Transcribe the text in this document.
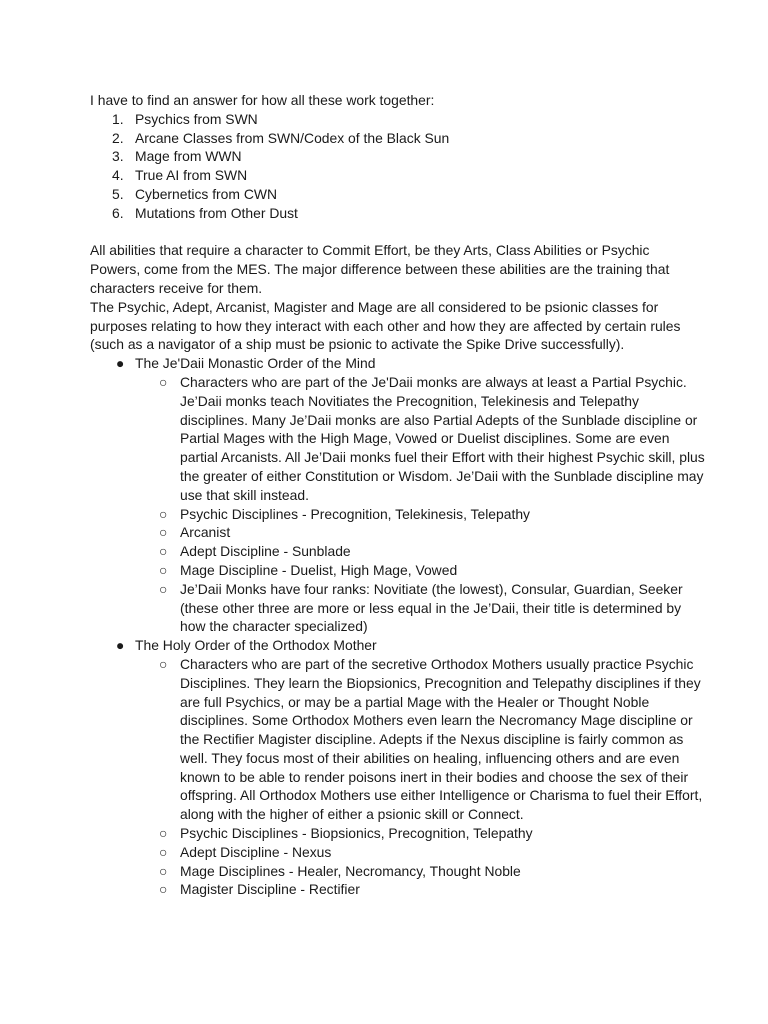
I have to find an answer for how all these work together:

1. Psychics from SWN
2. Arcane Classes from SWN/Codex of the Black Sun
3. Mage from WWN
4. True AI from SWN
5. Cybernetics from CWN
6. Mutations from Other Dust

All abilities that require a character to Commit Effort, be they Arts, Class Abilities or Psychic Powers, come from the MES. The major difference between these abilities are the training that characters receive for them.

The Psychic, Adept, Arcanist, Magister and Mage are all considered to be psionic classes for purposes relating to how they interact with each other and how they are affected by certain rules (such as a navigator of a ship must be psionic to activate the Spike Drive successfully).

● The Je'Daii Monastic Order of the Mind
○ Characters who are part of the Je'Daii monks are always at least a Partial Psychic. Je’Daii monks teach Novitiates the Precognition, Telekinesis and Telepathy disciplines. Many Je’Daii monks are also Partial Adepts of the Sunblade discipline or Partial Mages with the High Mage, Vowed or Duelist disciplines. Some are even partial Arcanists. All Je’Daii monks fuel their Effort with their highest Psychic skill, plus the greater of either Constitution or Wisdom. Je’Daii with the Sunblade discipline may use that skill instead.
○ Psychic Disciplines - Precognition, Telekinesis, Telepathy
○ Arcanist
○ Adept Discipline - Sunblade
○ Mage Discipline - Duelist, High Mage, Vowed
○ Je’Daii Monks have four ranks: Novitiate (the lowest), Consular, Guardian, Seeker (these other three are more or less equal in the Je’Daii, their title is determined by how the character specialized)
● The Holy Order of the Orthodox Mother
○ Characters who are part of the secretive Orthodox Mothers usually practice Psychic Disciplines. They learn the Biopsionics, Precognition and Telepathy disciplines if they are full Psychics, or may be a partial Mage with the Healer or Thought Noble disciplines. Some Orthodox Mothers even learn the Necromancy Mage discipline or the Rectifier Magister discipline. Adepts if the Nexus discipline is fairly common as well. They focus most of their abilities on healing, influencing others and are even known to be able to render poisons inert in their bodies and choose the sex of their offspring. All Orthodox Mothers use either Intelligence or Charisma to fuel their Effort, along with the higher of either a psionic skill or Connect.
○ Psychic Disciplines - Biopsionics, Precognition, Telepathy
○ Adept Discipline - Nexus
○ Mage Disciplines - Healer, Necromancy, Thought Noble
○ Magister Discipline - Rectifier
